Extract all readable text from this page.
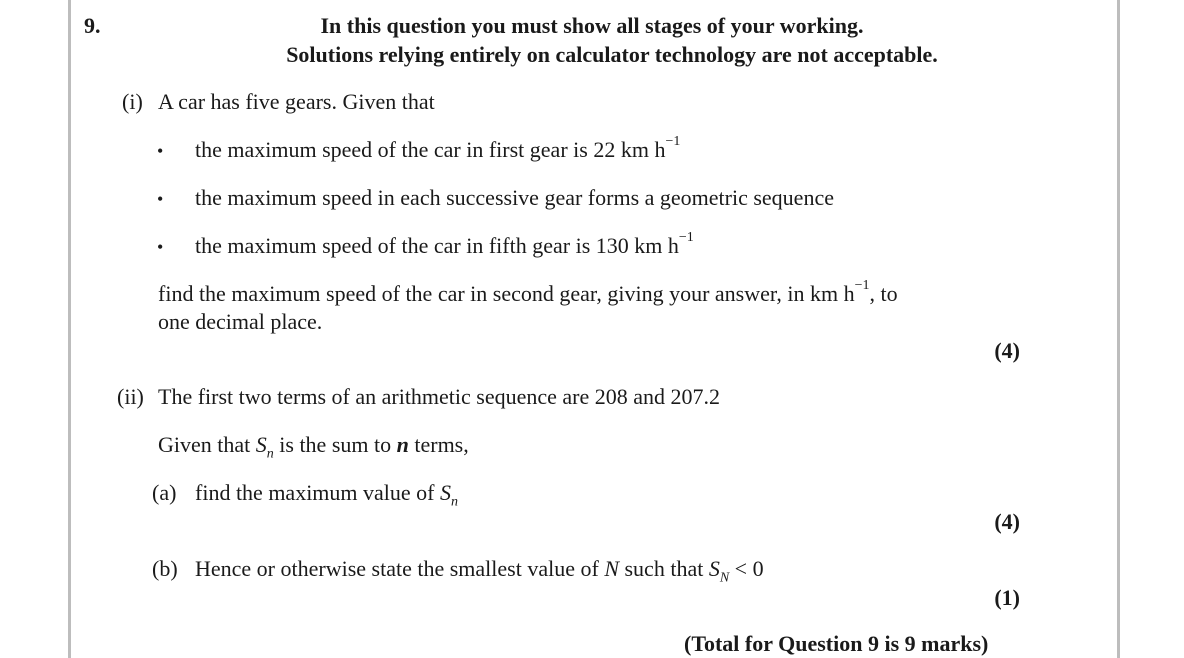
9.	In this question you must show all stages of your working.
Solutions relying entirely on calculator technology are not acceptable.
(i) A car has five gears. Given that
• the maximum speed of the car in first gear is 22 km $h^{-1}$
• the maximum speed in each successive gear forms a geometric sequence
• the maximum speed of the car in fifth gear is 130 km $h^{-1}$
find the maximum speed of the car in second gear, giving your answer, in km $h^{-1}$, to
one decimal place.
(4)
(ii) The first two terms of an arithmetic sequence are 208 and 207.2
Given that $S_n$ is the sum to n terms,
(a) find the maximum value of $S_n$
(4)
(b) Hence or otherwise state the smallest value of N such that $S_N < 0$
(1)
(Total for Question 9 is 9 marks)
